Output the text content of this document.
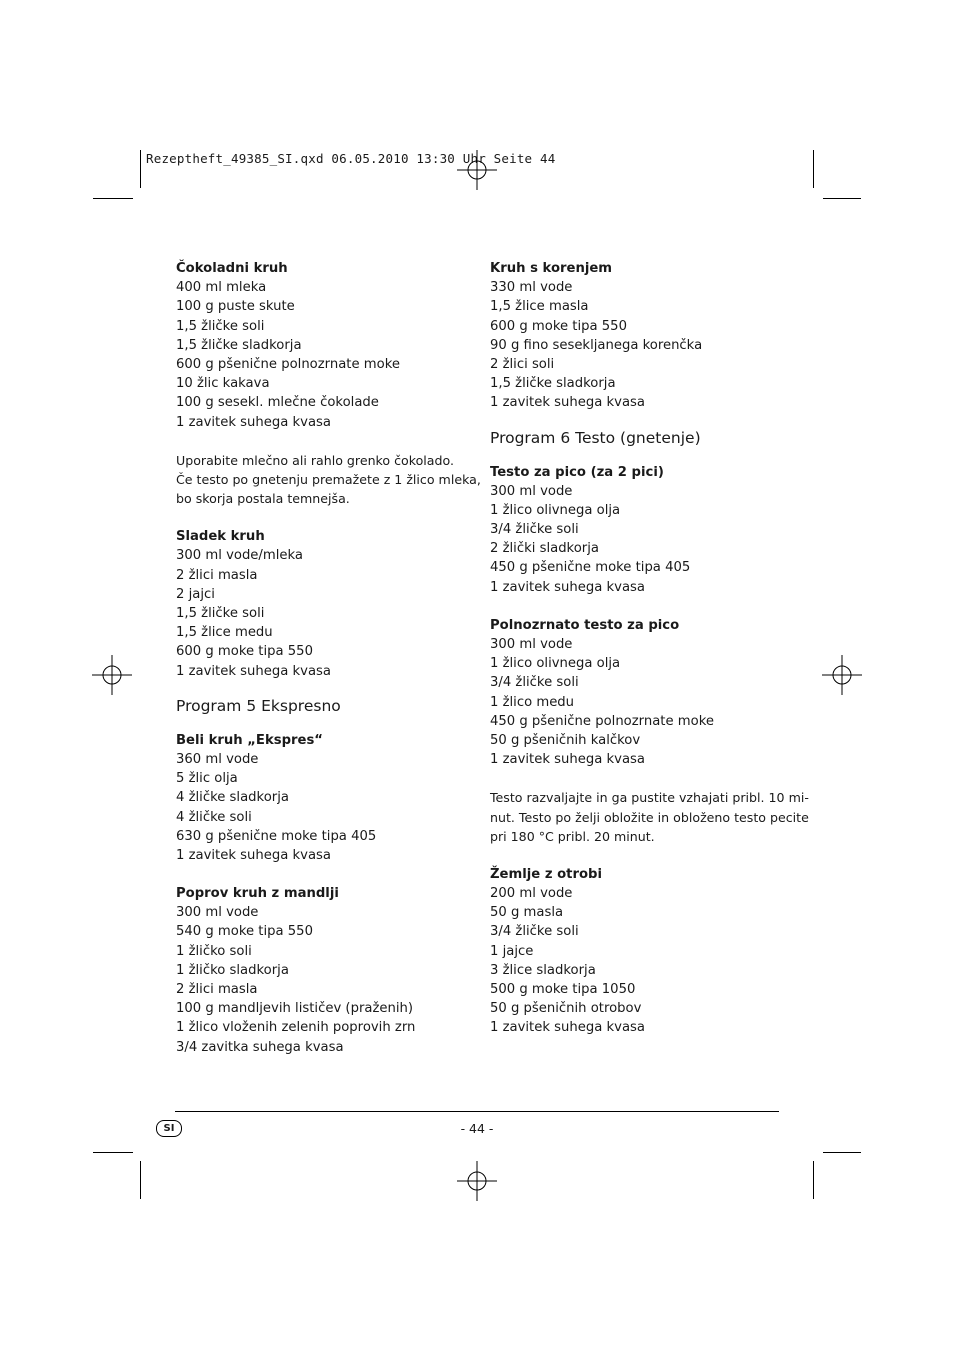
Rezeptheft_49385_SI.qxd 06.05.2010 13:30 Uhr Seite 44
Čokoladni kruh
400 ml mleka
100 g puste skute
1,5 žličke soli
1,5 žličke sladkorja
600 g pšenične polnozrnate moke
10 žlic kakava
100 g sesekl. mlečne čokolade
1 zavitek suhega kvasa
Uporabite mlečno ali rahlo grenko čokolado.
Če testo po gnetenju premažete z 1 žlico mleka,
bo skorja postala temnejša.
Sladek kruh
300 ml vode/mleka
2 žlici masla
2 jajci
1,5 žličke soli
1,5 žlice medu
600 g moke tipa 550
1 zavitek suhega kvasa
Program 5 Ekspresno
Beli kruh „Ekspres“
360 ml vode
5 žlic olja
4 žličke sladkorja
4 žličke soli
630 g pšenične moke tipa 405
1 zavitek suhega kvasa
Poprov kruh z mandlji
300 ml vode
540 g moke tipa 550
1 žličko soli
1 žličko sladkorja
2 žlici masla
100 g mandljevih lističev (praženih)
1 žlico vloženih zelenih poprovih zrn
3/4 zavitka suhega kvasa
Kruh s korenjem
330 ml vode
1,5 žlice masla
600 g moke tipa 550
90 g fino sesekljanega korenčka
2 žlici soli
1,5 žličke sladkorja
1 zavitek suhega kvasa
Program 6 Testo (gnetenje)
Testo za pico (za 2 pici)
300 ml vode
1 žlico olivnega olja
3/4 žličke soli
2 žlički sladkorja
450 g pšenične moke tipa 405
1 zavitek suhega kvasa
Polnozrnato testo za pico
300 ml vode
1 žlico olivnega olja
3/4 žličke soli
1 žlico medu
450 g pšenične polnozrnate moke
50 g pšeničnih kalčkov
1 zavitek suhega kvasa
Testo razvaljajte in ga pustite vzhajati pribl. 10 mi-
nut. Testo po želji obložite in obloženo testo pecite
pri 180 °C pribl. 20 minut.
Žemlje z otrobi
200 ml vode
50 g masla
3/4 žličke soli
1 jajce
3 žlice sladkorja
500 g moke tipa 1050
50 g pšeničnih otrobov
1 zavitek suhega kvasa
SI	- 44 -
